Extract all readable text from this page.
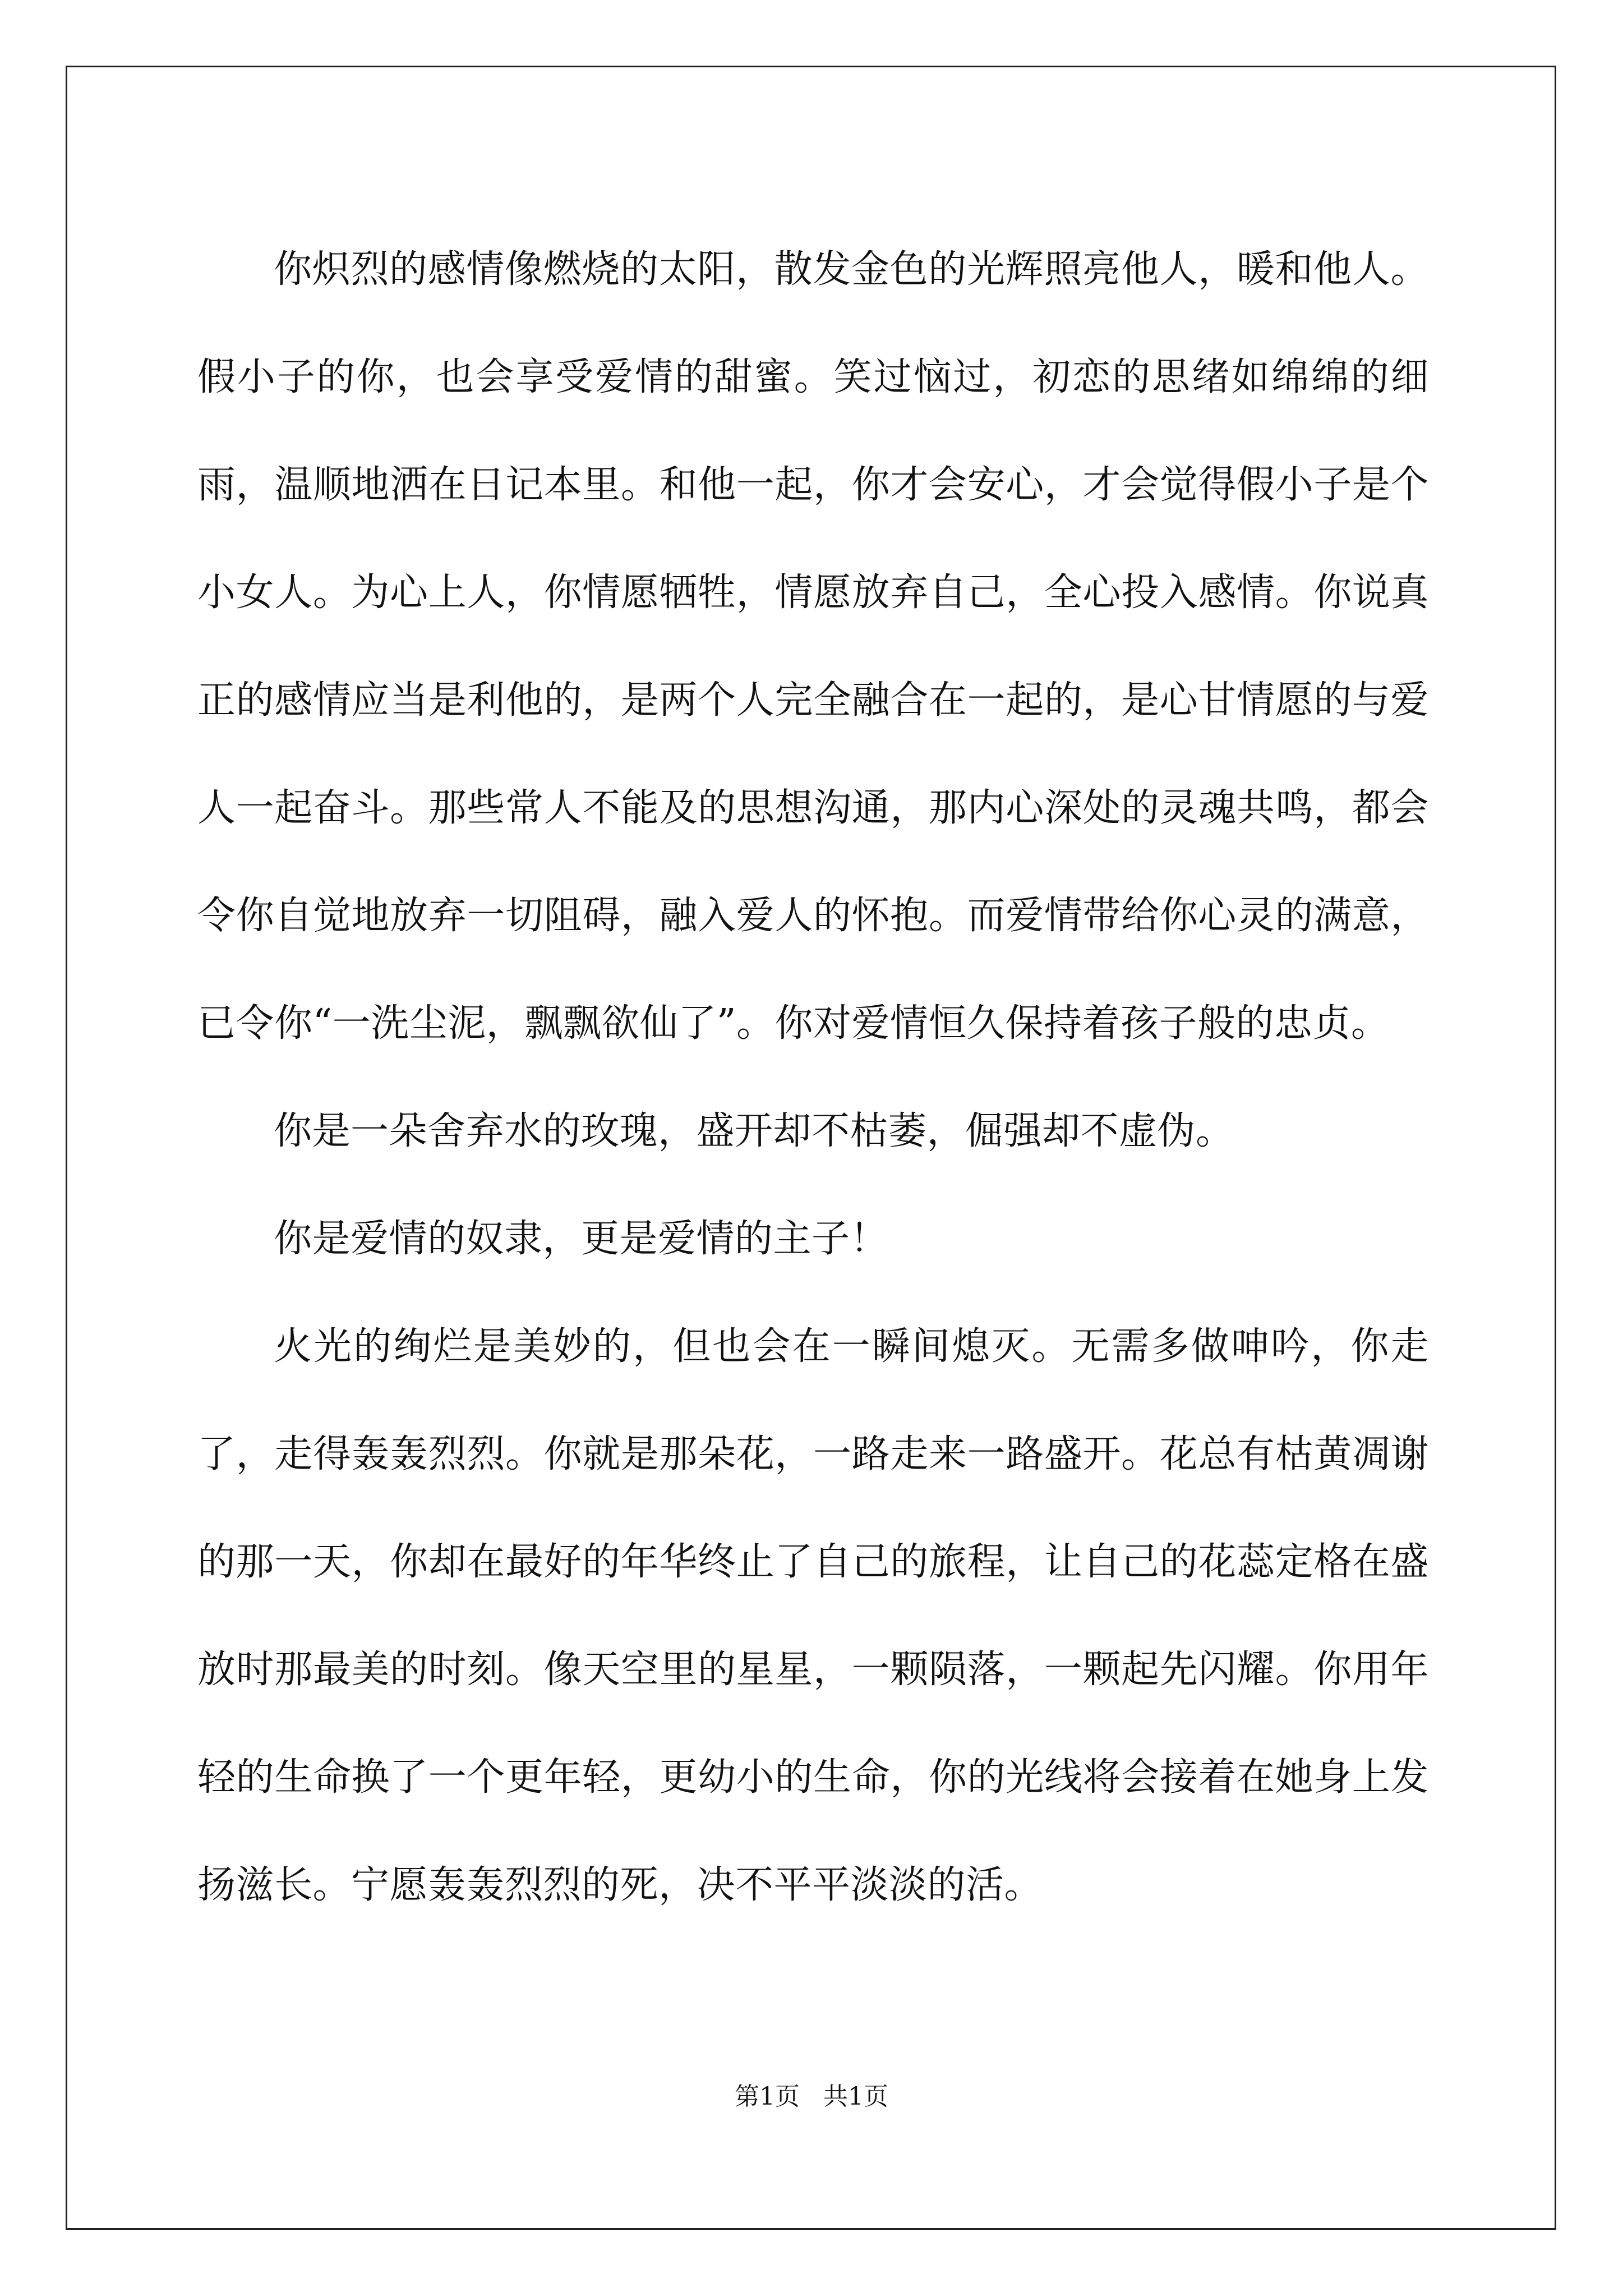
你炽烈的感情像燃烧的太阳，散发金色的光辉照亮他人，暖和他人。假小子的你，也会享受爱情的甜蜜。笑过恼过，初恋的思绪如绵绵的细雨，温顺地洒在日记本里。和他一起，你才会安心，才会觉得假小子是个小女人。为心上人，你情愿牺牲，情愿放弃自己，全心投入感情。你说真正的感情应当是利他的，是两个人完全融合在一起的，是心甘情愿的与爱人一起奋斗。那些常人不能及的思想沟通，那内心深处的灵魂共鸣，都会令你自觉地放弃一切阻碍，融入爱人的怀抱。而爱情带给你心灵的满意，已令你“一洗尘泥，飘飘欲仙了”。你对爱情恒久保持着孩子般的忠贞。

你是一朵舍弃水的玫瑰，盛开却不枯萎，倔强却不虚伪。

你是爱情的奴隶，更是爱情的主子！

火光的绚烂是美妙的，但也会在一瞬间熄灭。无需多做呻吟，你走了，走得轰轰烈烈。你就是那朵花，一路走来一路盛开。花总有枯黄凋谢的那一天，你却在最好的年华终止了自己的旅程，让自己的花蕊定格在盛放时那最美的时刻。像天空里的星星，一颗陨落，一颗起先闪耀。你用年轻的生命换了一个更年轻，更幼小的生命，你的光线将会接着在她身上发扬滋长。宁愿轰轰烈烈的死，决不平平淡淡的活。

第1页   共1页
